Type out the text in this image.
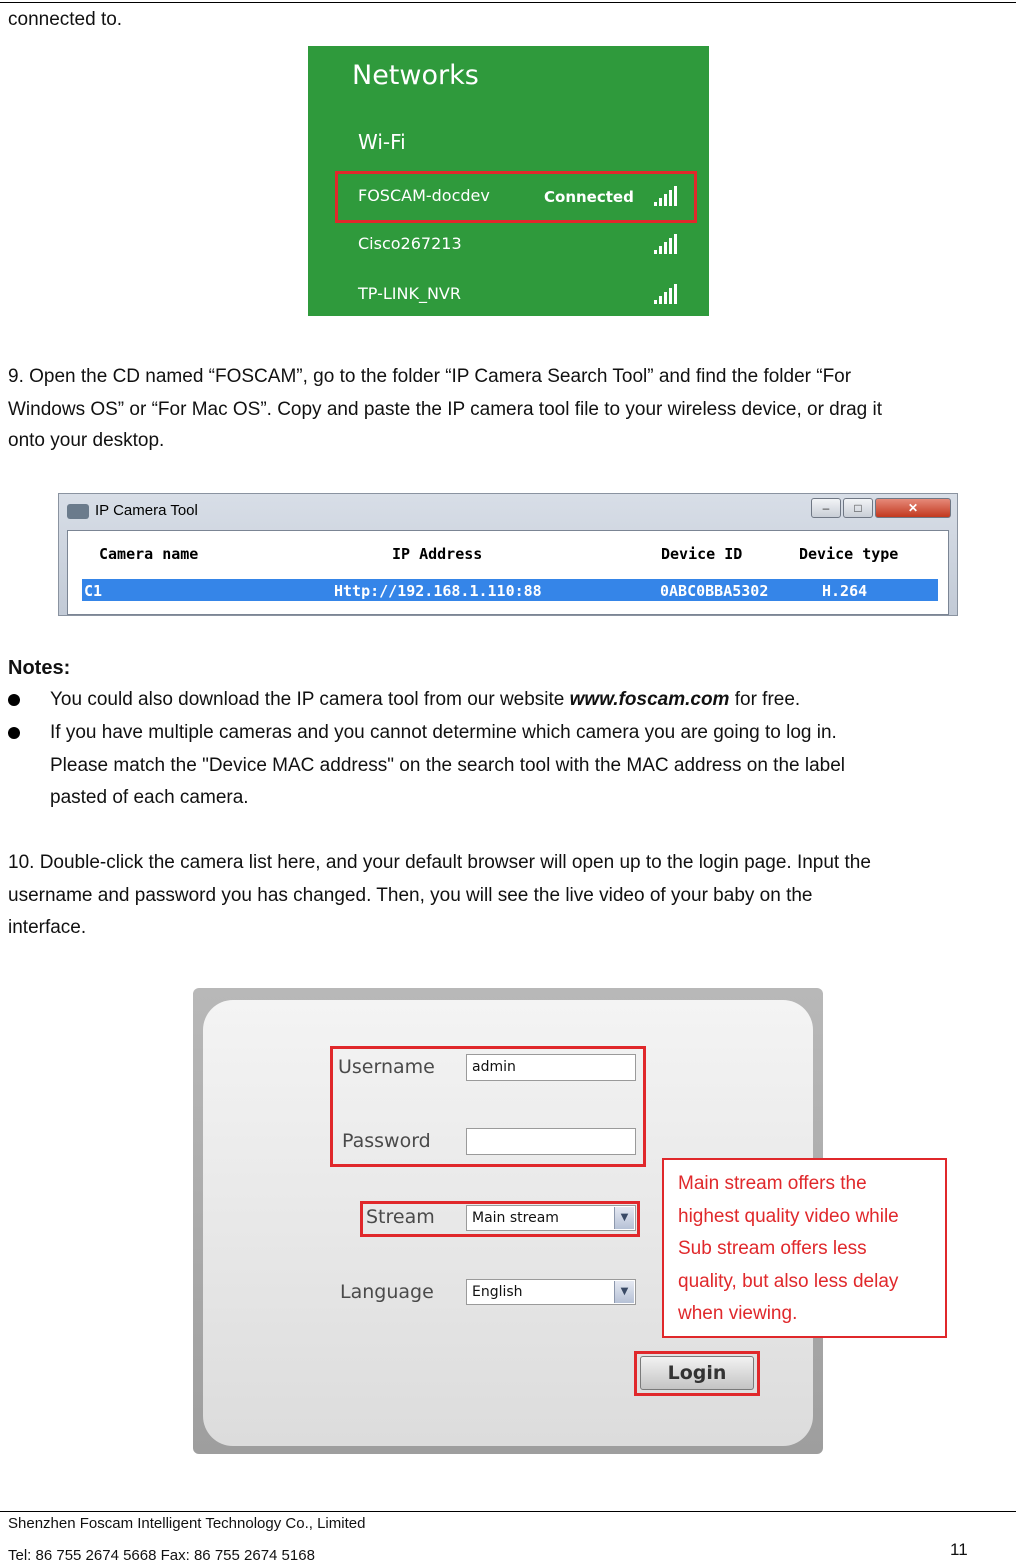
connected to.
Networks
Wi-Fi
FOSCAM-docdev	Connected
Cisco267213
TP-LINK_NVR
9. Open the CD named “FOSCAM”, go to the folder “IP Camera Search Tool” and find the folder “For
Windows OS” or “For Mac OS”. Copy and paste the IP camera tool file to your wireless device, or drag it
onto your desktop.
IP Camera Tool	–	□	✕
Camera name	IP Address	Device ID	Device type
C1	Http://192.168.1.110:88	0ABC0BBA5302	H.264
Notes:
You could also download the IP camera tool from our website www.foscam.com for free.
If you have multiple cameras and you cannot determine which camera you are going to log in.
Please match the "Device MAC address" on the search tool with the MAC address on the label
pasted of each camera.
10. Double-click the camera list here, and your default browser will open up to the login page. Input the
username and password you has changed. Then, you will see the live video of your baby on the
interface.
Username	admin
Password
Stream	Main stream	▼
Language	English	▼
Login
Main stream offers the
highest quality video while
Sub stream offers less
quality, but also less delay
when viewing.
Shenzhen Foscam Intelligent Technology Co., Limited
Tel: 86 755 2674 5668 Fax: 86 755 2674 5168	11
